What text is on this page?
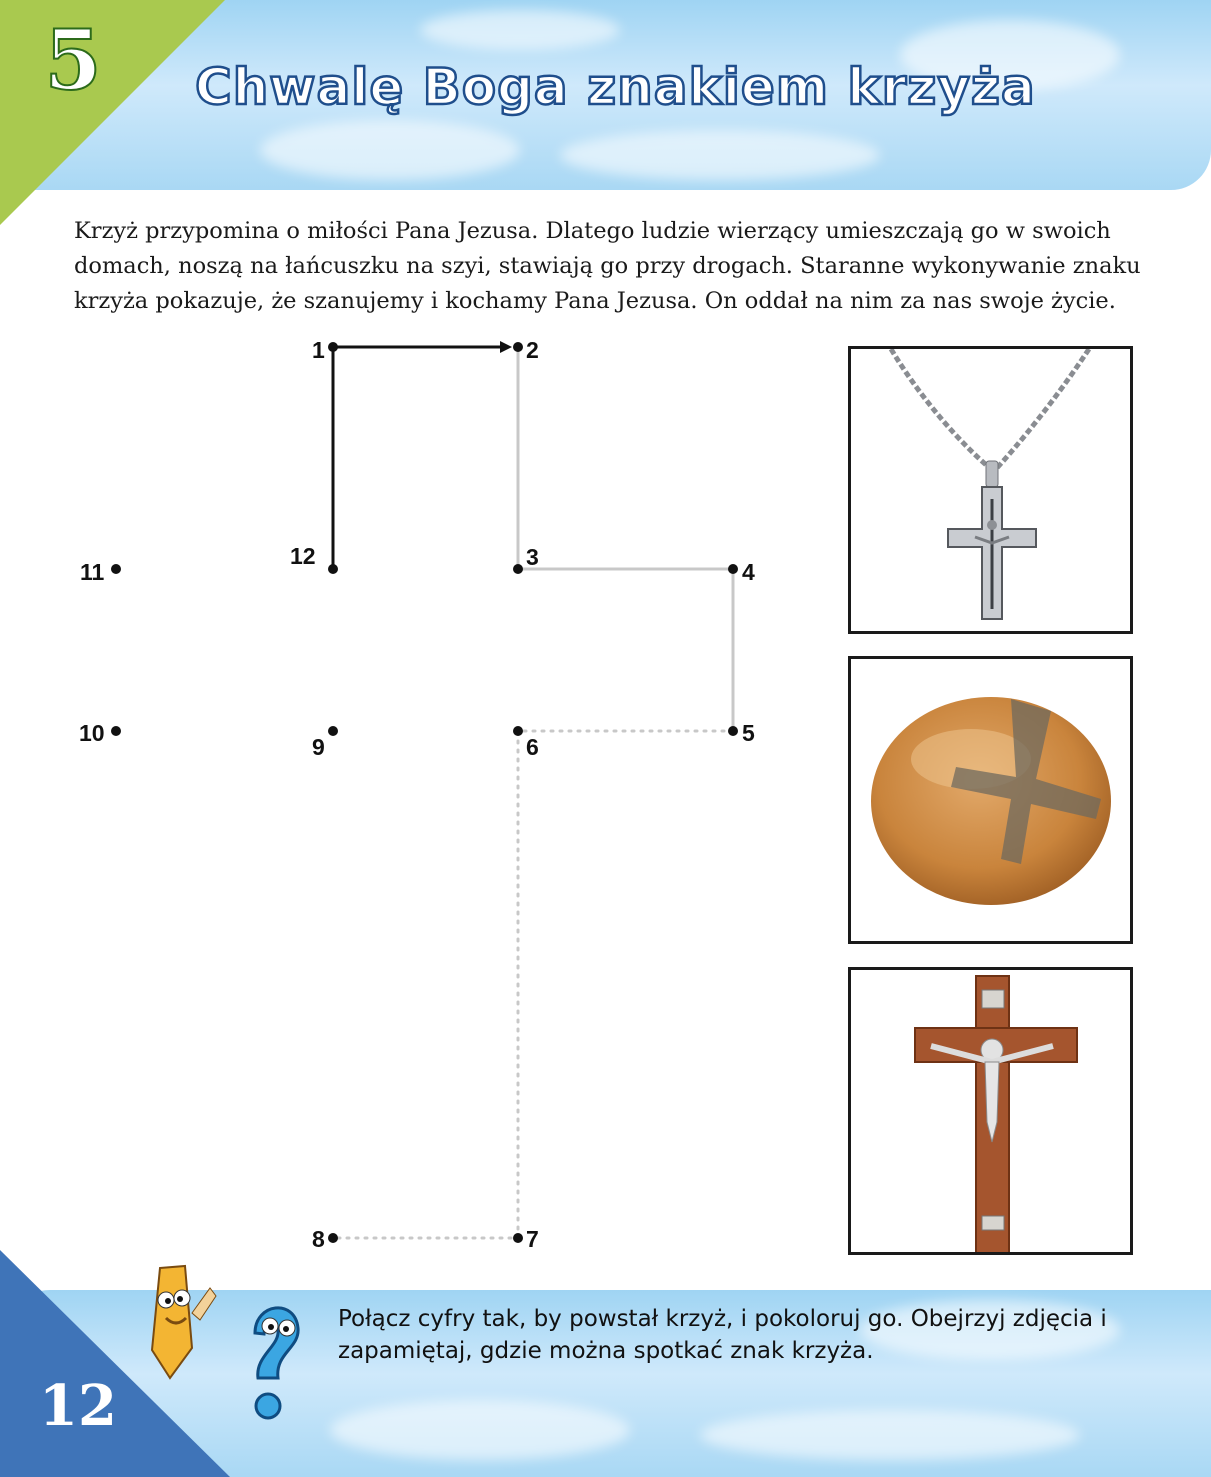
5	Chwalę Boga znakiem krzyża
Krzyż przypomina o miłości Pana Jezusa. Dlatego ludzie wierzący umieszczają go w swoich domach, noszą na łańcuszku na szyi, stawiają go przy drogach. Staranne wykonywanie znaku krzyża pokazuje, że szanujemy i kochamy Pana Jezusa. On oddał na nim za nas swoje życie.
1	2
3
4
5
6
7
8
9
10
11
12
12
Połącz cyfry tak, by powstał krzyż, i pokoloruj go. Obejrzyj zdjęcia i zapamiętaj, gdzie można spotkać znak krzyża.
